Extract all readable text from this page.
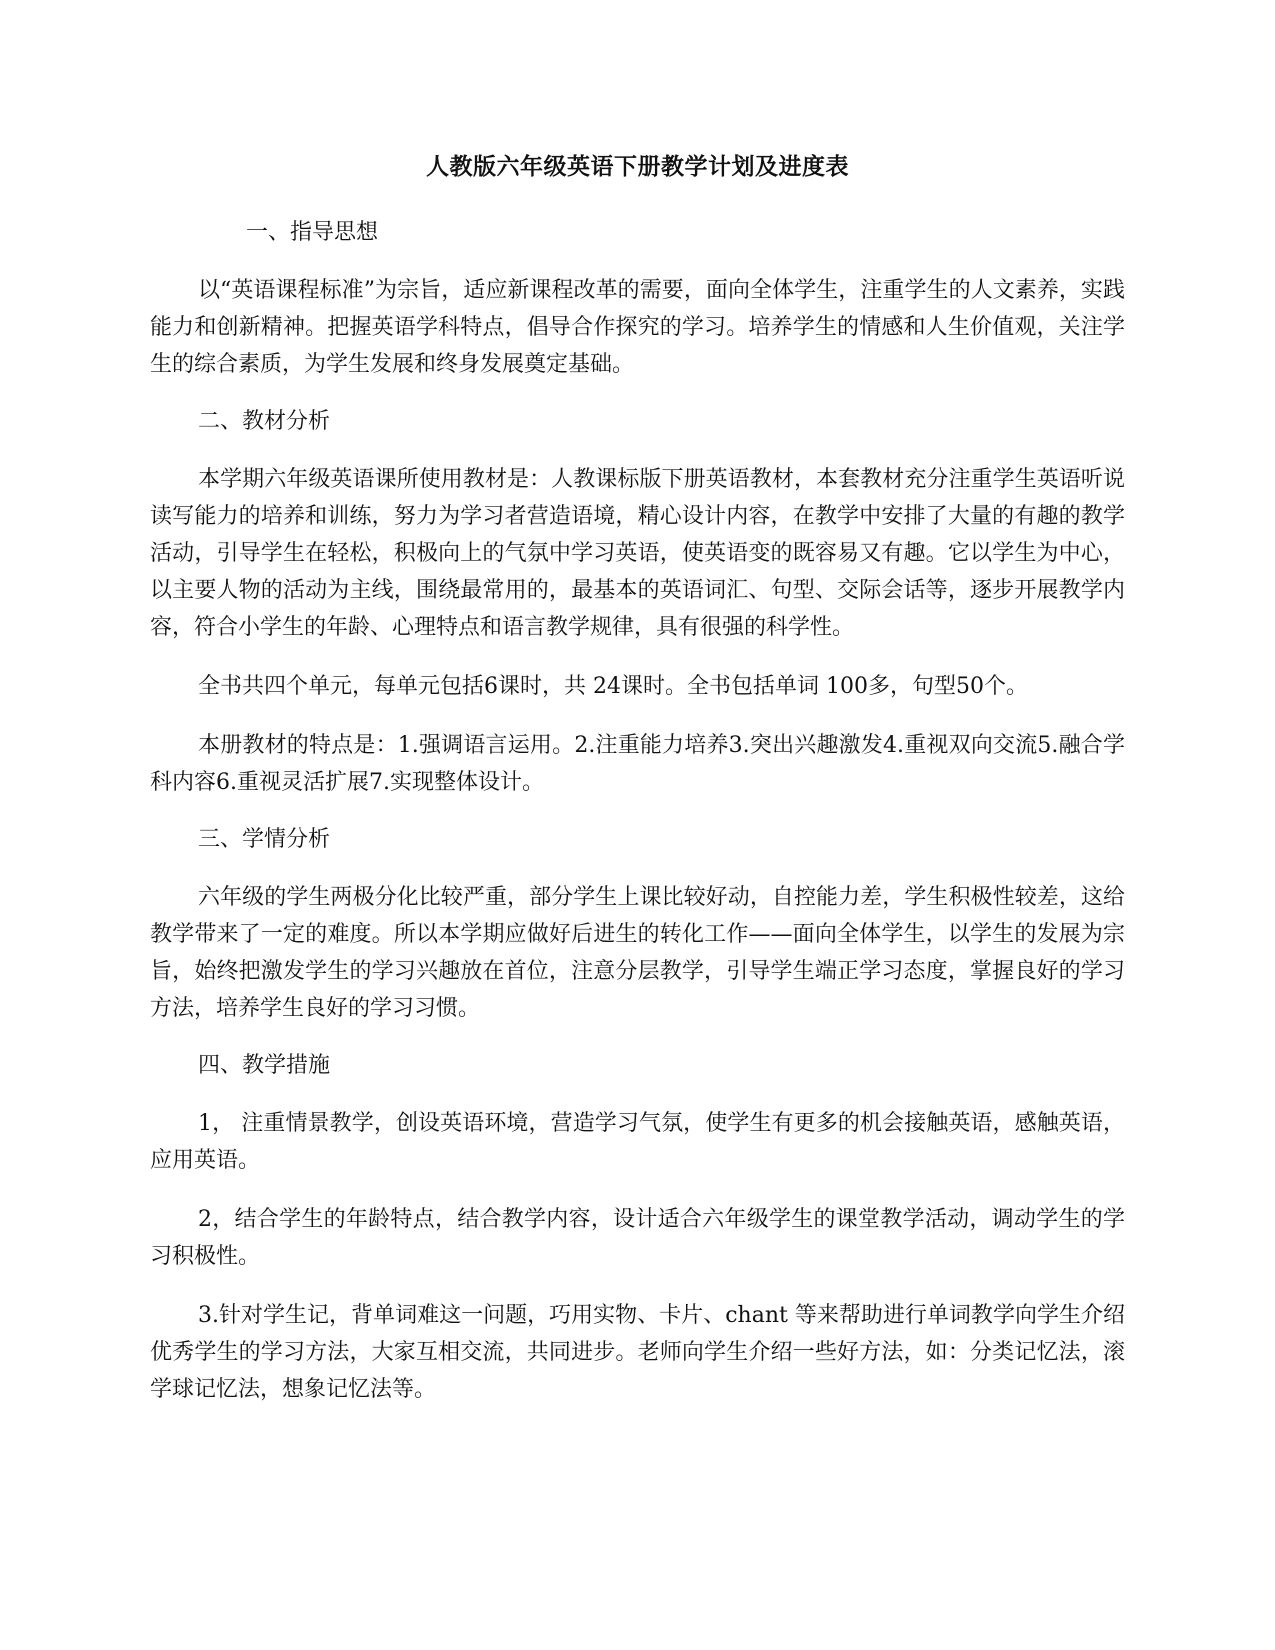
人教版六年级英语下册教学计划及进度表
一、指导思想

以“英语课程标准”为宗旨，适应新课程改革的需要，面向全体学生，注重学生的人文素养，实践能力和创新精神。把握英语学科特点，倡导合作探究的学习。培养学生的情感和人生价值观，关注学生的综合素质，为学生发展和终身发展奠定基础。

二、教材分析

本学期六年级英语课所使用教材是：人教课标版下册英语教材，本套教材充分注重学生英语听说读写能力的培养和训练，努力为学习者营造语境，精心设计内容，在教学中安排了大量的有趣的教学活动，引导学生在轻松，积极向上的气氛中学习英语，使英语变的既容易又有趣。它以学生为中心，以主要人物的活动为主线，围绕最常用的，最基本的英语词汇、句型、交际会话等，逐步开展教学内容，符合小学生的年龄、心理特点和语言教学规律，具有很强的科学性。

全书共四个单元，每单元包括6课时，共 24课时。全书包括单词 100多，句型50个。

本册教材的特点是：1.强调语言运用。2.注重能力培养3.突出兴趣激发4.重视双向交流5.融合学科内容6.重视灵活扩展7.实现整体设计。

三、学情分析

六年级的学生两极分化比较严重，部分学生上课比较好动，自控能力差，学生积极性较差，这给教学带来了一定的难度。所以本学期应做好后进生的转化工作——面向全体学生，以学生的发展为宗旨，始终把激发学生的学习兴趣放在首位，注意分层教学，引导学生端正学习态度，掌握良好的学习方法，培养学生良好的学习习惯。

四、教学措施

1， 注重情景教学，创设英语环境，营造学习气氛，使学生有更多的机会接触英语，感触英语，应用英语。

2，结合学生的年龄特点，结合教学内容，设计适合六年级学生的课堂教学活动，调动学生的学习积极性。

3.针对学生记，背单词难这一问题，巧用实物、卡片、chant 等来帮助进行单词教学向学生介绍优秀学生的学习方法，大家互相交流，共同进步。老师向学生介绍一些好方法，如：分类记忆法，滚学球记忆法，想象记忆法等。
